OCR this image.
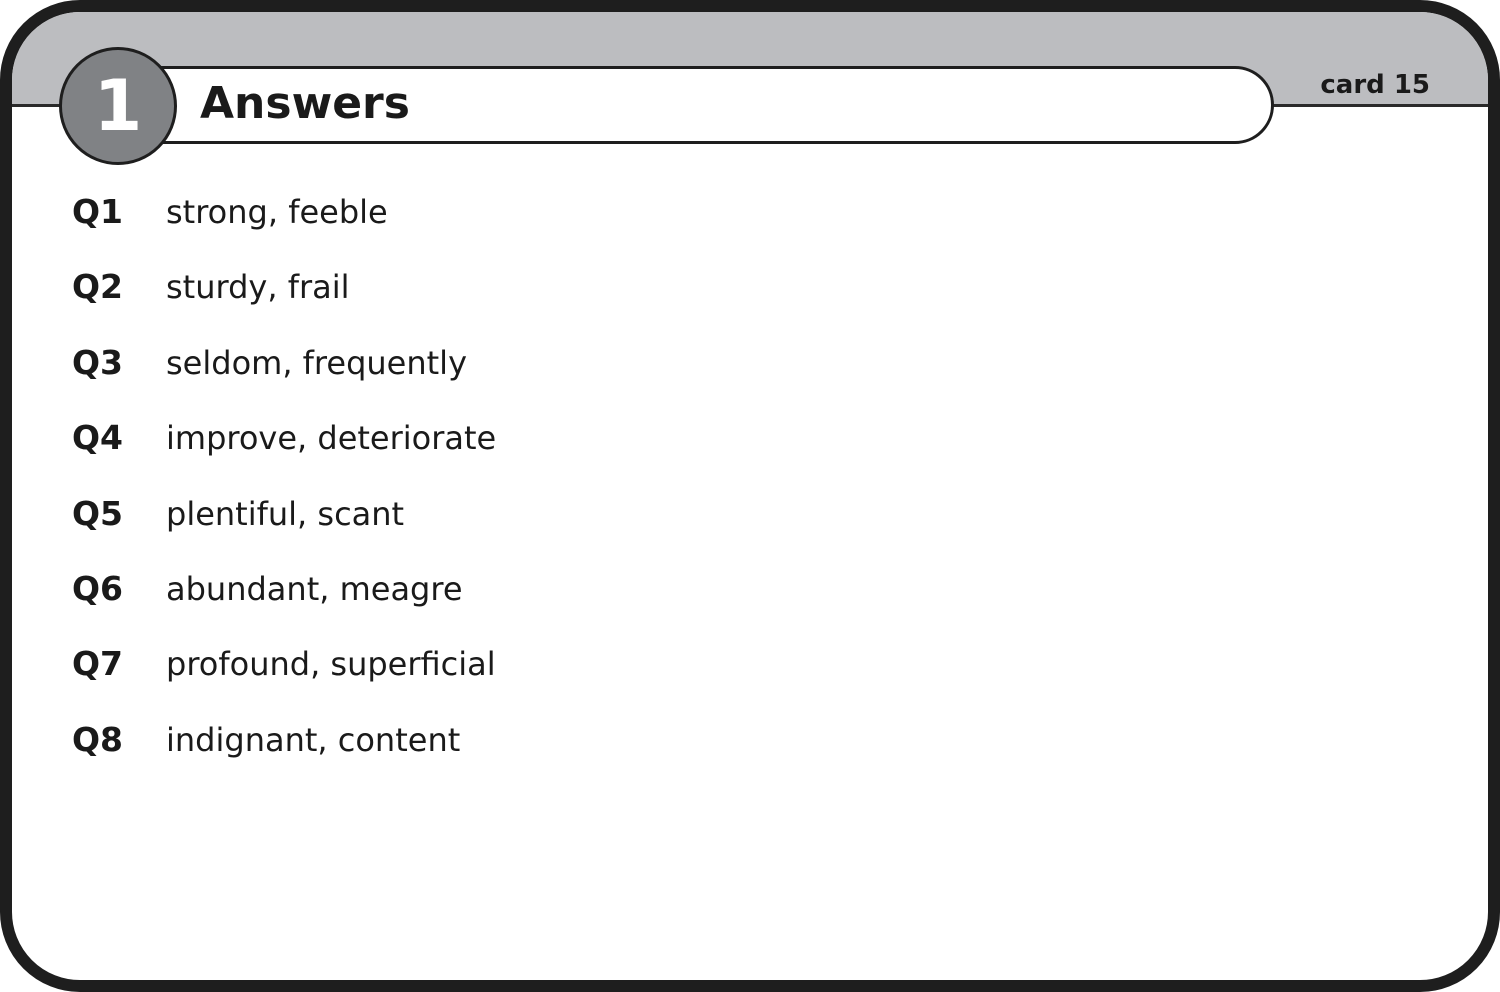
Answers
1	card 15
Q1	strong, feeble
Q2	sturdy, frail
Q3	seldom, frequently
Q4	improve, deteriorate
Q5	plentiful, scant
Q6	abundant, meagre
Q7	profound, superficial
Q8	indignant, content
